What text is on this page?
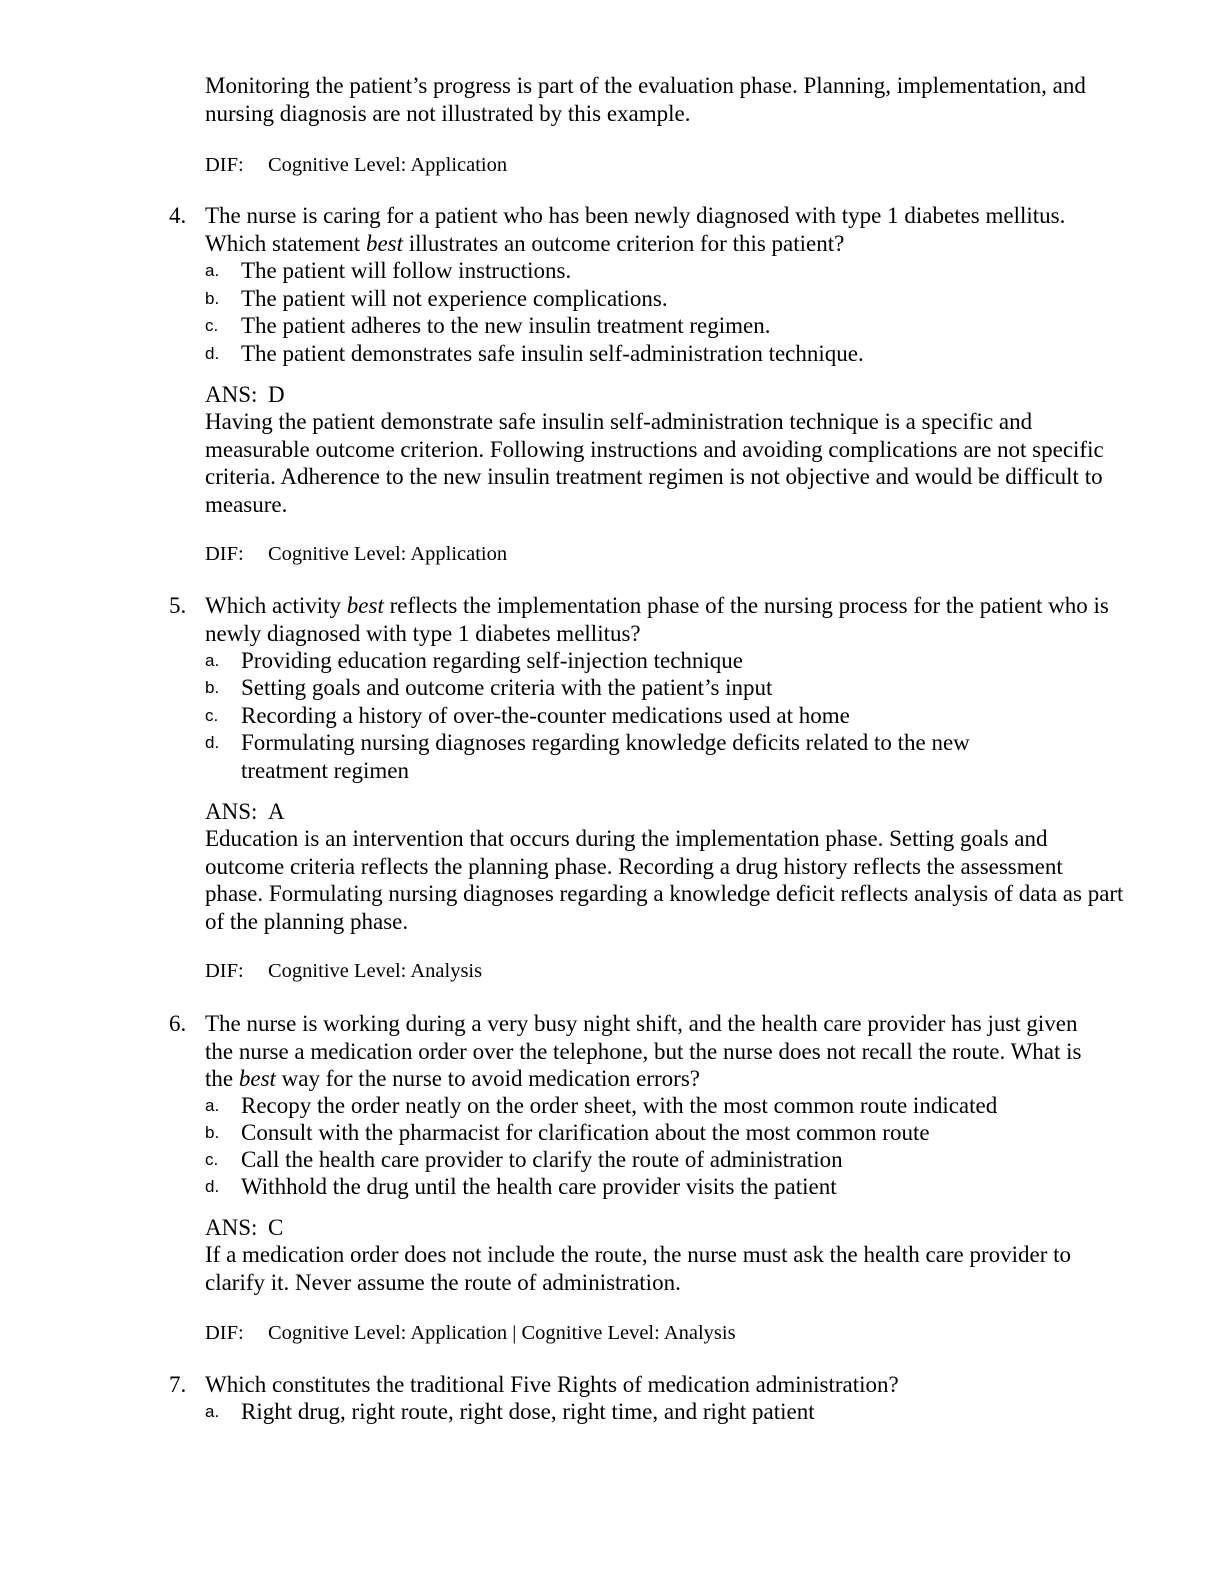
Monitoring the patient’s progress is part of the evaluation phase. Planning, implementation, and nursing diagnosis are not illustrated by this example.
DIF: Cognitive Level: Application
4. The nurse is caring for a patient who has been newly diagnosed with type 1 diabetes mellitus. Which statement best illustrates an outcome criterion for this patient?
a. The patient will follow instructions.
b. The patient will not experience complications.
c. The patient adheres to the new insulin treatment regimen.
d. The patient demonstrates safe insulin self-administration technique.
ANS: D
Having the patient demonstrate safe insulin self-administration technique is a specific and measurable outcome criterion. Following instructions and avoiding complications are not specific criteria. Adherence to the new insulin treatment regimen is not objective and would be difficult to measure.
DIF: Cognitive Level: Application
5. Which activity best reflects the implementation phase of the nursing process for the patient who is newly diagnosed with type 1 diabetes mellitus?
a. Providing education regarding self-injection technique
b. Setting goals and outcome criteria with the patient’s input
c. Recording a history of over-the-counter medications used at home
d. Formulating nursing diagnoses regarding knowledge deficits related to the new treatment regimen
ANS: A
Education is an intervention that occurs during the implementation phase. Setting goals and outcome criteria reflects the planning phase. Recording a drug history reflects the assessment phase. Formulating nursing diagnoses regarding a knowledge deficit reflects analysis of data as part of the planning phase.
DIF: Cognitive Level: Analysis
6. The nurse is working during a very busy night shift, and the health care provider has just given the nurse a medication order over the telephone, but the nurse does not recall the route. What is the best way for the nurse to avoid medication errors?
a. Recopy the order neatly on the order sheet, with the most common route indicated
b. Consult with the pharmacist for clarification about the most common route
c. Call the health care provider to clarify the route of administration
d. Withhold the drug until the health care provider visits the patient
ANS: C
If a medication order does not include the route, the nurse must ask the health care provider to clarify it. Never assume the route of administration.
DIF: Cognitive Level: Application | Cognitive Level: Analysis
7. Which constitutes the traditional Five Rights of medication administration?
a. Right drug, right route, right dose, right time, and right patient
